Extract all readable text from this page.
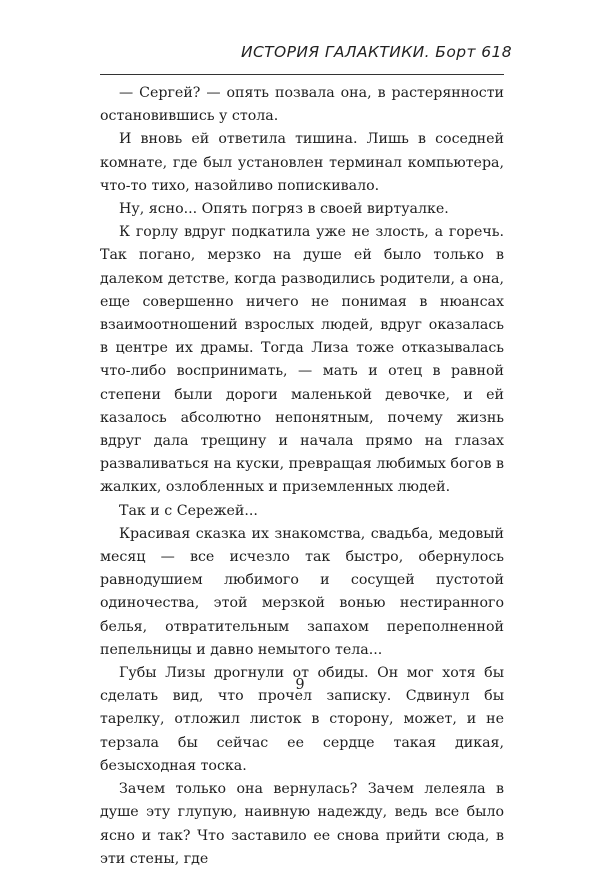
ИСТОРИЯ ГАЛАКТИКИ. Борт 618

— Сергей? — опять позвала она, в растерянности остановившись у стола.

И вновь ей ответила тишина. Лишь в соседней комнате, где был установлен терминал компьютера, что-то тихо, назойливо попискивало.

Ну, ясно... Опять погряз в своей виртуалке.

К горлу вдруг подкатила уже не злость, а горечь. Так погано, мерзко на душе ей было только в далеком детстве, когда разводились родители, а она, еще совершенно ничего не понимая в нюансах взаимоотношений взрослых людей, вдруг оказалась в центре их драмы. Тогда Лиза тоже отказывалась что-либо воспринимать, — мать и отец в равной степени были дороги маленькой девочке, и ей казалось абсолютно непонятным, почему жизнь вдруг дала трещину и начала прямо на глазах разваливаться на куски, превращая любимых богов в жалких, озлобленных и приземленных людей.

Так и с Сережей...

Красивая сказка их знакомства, свадьба, медовый месяц — все исчезло так быстро, обернулось равнодушием любимого и сосущей пустотой одиночества, этой мерзкой вонью нестиранного белья, отвратительным запахом переполненной пепельницы и давно немытого тела...

Губы Лизы дрогнули от обиды. Он мог хотя бы сделать вид, что прочел записку. Сдвинул бы тарелку, отложил листок в сторону, может, и не терзала бы сейчас ее сердце такая дикая, безысходная тоска.

Зачем только она вернулась? Зачем лелеяла в душе эту глупую, наивную надежду, ведь все было ясно и так? Что заставило ее снова прийти сюда, в эти стены, где

9
